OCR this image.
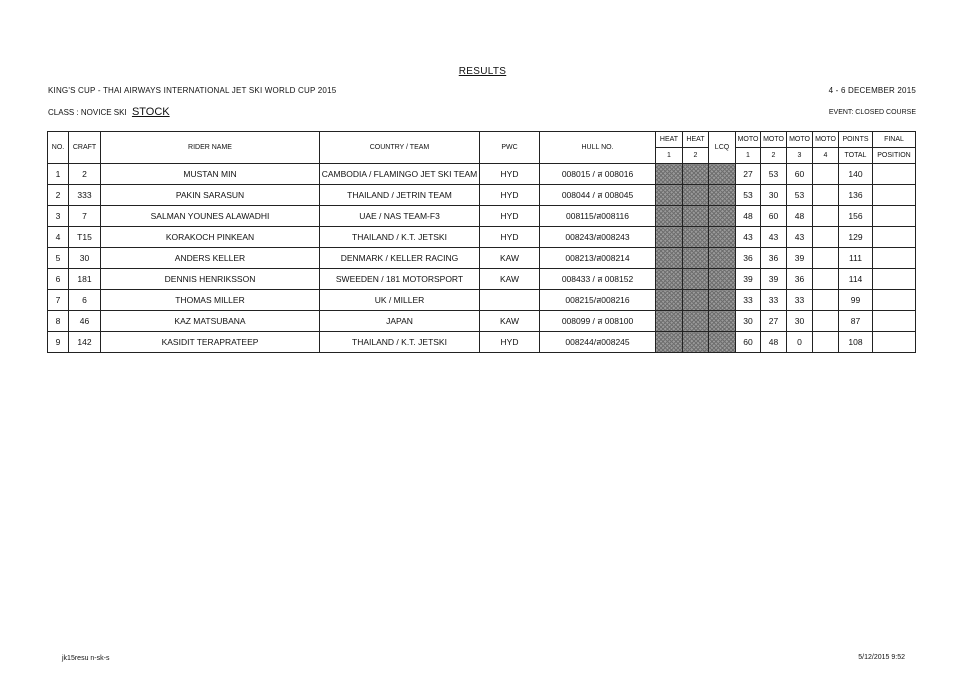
RESULTS
KING'S CUP - THAI AIRWAYS INTERNATIONAL JET SKI WORLD CUP 2015	4 - 6 DECEMBER 2015
CLASS : NOVICE SKI STOCK	EVENT: CLOSED COURSE
NO.	CRAFT	RIDER NAME	COUNTRY / TEAM	PWC	HULL NO.	HEAT	HEAT	LCQ	MOTO	MOTO	MOTO	MOTO	POINTS	FINAL
						1	2		1	2	3	4	TOTAL	POSITION
1	2	MUSTAN MIN	CAMBODIA / FLAMINGO JET SKI TEAM	HYD	008015 / ส 008016				27	53	60		140	
2	333	PAKIN SARASUN	THAILAND / JETRIN TEAM	HYD	008044 / ส 008045				53	30	53		136	
3	7	SALMAN YOUNES ALAWADHI	UAE / NAS TEAM-F3	HYD	008115/ส008116				48	60	48		156	
4	T15	KORAKOCH PINKEAN	THAILAND / K.T. JETSKI	HYD	008243/ส008243				43	43	43		129	
5	30	ANDERS KELLER	DENMARK / KELLER RACING	KAW	008213/ส008214				36	36	39		111	
6	181	DENNIS HENRIKSSON	SWEEDEN / 181 MOTORSPORT	KAW	008433 / ส 008152				39	39	36		114	
7	6	THOMAS MILLER	UK / MILLER		008215/ส008216				33	33	33		99	
8	46	KAZ MATSUBANA	JAPAN	KAW	008099 / ส 008100				30	27	30		87	
9	142	KASIDIT TERAPRATEEP	THAILAND / K.T. JETSKI	HYD	008244/ส008245				60	48	0		108	
jk15resu n-sk-s	5/12/2015 9:52
